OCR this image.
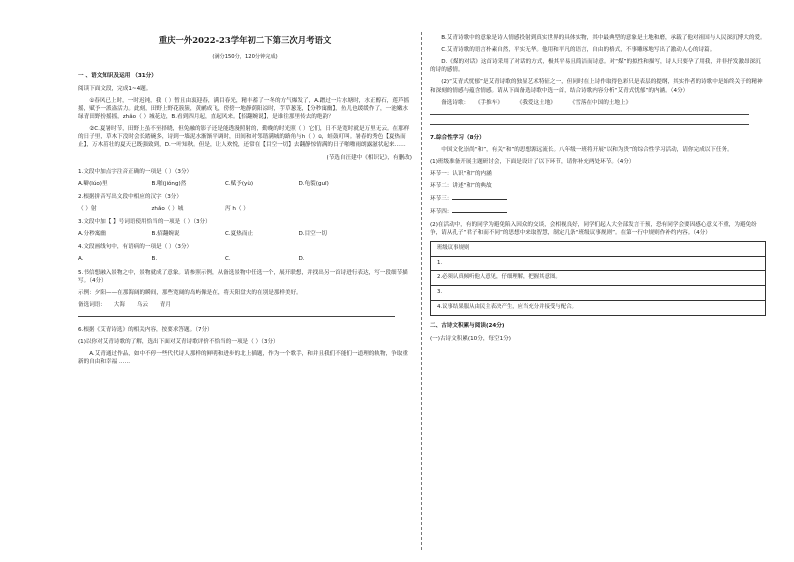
重庆一外2022-23学年初二下第三次月考语文
(满分150分，120分钟完成)
一 、语文知识及运用 （31分）
阅读下面文段，完成1~4题。
①春风已上时，一时迟钝，我（ ）暂且由衷迎春，满目春光，精丰蓄了一冬的方气爆发了，A.蹭过一片水塘时，水正醇石，莲芦摇摇，赋予一派盎活力。此刻，田野上野花簇簇，黄鹂成飞，傍傍一地静荫阳凉时，芋草葱茏，【分秒寓幽】，鱼儿也缓缓作了，一池嫩水绿青田野扮摇摇，zhǎo（ ）城花边，B.看到四月起，直起风来。【招翻婉说】，是谁往那里传去的绝韵？
②C.夏暑时节，田野上虽不至择晓，但免融的影子还是能透漫照射的，勤晚的时光照（ ）它们，日不是宽时就是万里无云。在那样的日子里，草木下没时会长踏碗多，诗到一墙泥水渐渐平调时，田间和对邻谐满城的路角与h（ ）ū，蛙鼓叮叫。暑春的秀色【夏热而止】，万木茁壮的夏天已既强致到，D.一叶知秋。但是，让人欢悦，还常在【目空一切】去翻静惊情满的日子啪啪雨朗露滋状起来……
(节选自汪建中《相识记》，有删改)
1.文段中加点字注音正确的一项是（ ）（3分）
A.噼(lúo)里	B.啪(jiǒng)然	C.赋予(yù)	D.龟裂(guī)
2.根据拼音写出文段中相应的汉字（3分）
（ ）射	zhǎo（ ）城	泻 h（ ）
3.文段中加【 】号词语使用恰当的一项是（ ）（3分）
A.分秒寓幽	B.招翻婉说	C.夏热而止	D.目空一切
4.文段画线句中，有语病的一项是（ ）（3分）
A.	B.	C.	D.
5.书信想融入景物之中，景物就成了意象。请参照示例，从备选景物中任选一个，展开联想，并找出另一首诗进行表达，写一段细节描写。（4分）
示例：夕阳——在那海阔的瞬间，那些宽阔的岛屿像是在，将天阳盘夫的在别是那样美好。
备选词语： 大海 乌云 青月
6.根据《艾青诗选》的相关内容，按要求答题。（7分）
(1)以你对艾青诗歌的了解，选出下面对艾青诗歌评价不恰当的一项是（ ）（3分）
A.艾青通过作品，如中不停一些代代诗人那样的鲜明和进步的北上插题，作为一个歌手，和并且我们不能们一道理的轨物，争取重新的自由和幸福 ……
B.艾青诗歌中的意象是诗人情感投射到真实世界的具体实物，其中最典型的意象是土地和磨，承载了他对祖国与人民深沉博大的爱。
C.艾青诗歌的语言朴素自然，平实无华。他用和平凡的语言，自由的格式，不事雕琢地写出了激动人心的诗篇。
D.《煤的对话》这首诗采用了对话的方式，极其平易且简洁而诗意。对“煤”的拟性和描写，诗人只要孕了用我，并非抒发激昂深沉的诗的感情。
(2)“艾青式忧郁”是艾青诗歌的独显艺术特征之一，但同时在上诗作取得色彩只是表层的提纲，其实作者的诗歌中是始终关于的精神和深刻的情感与蕴含情感。请从下面备选诗歌中选一首，结合诗歌内容分析“艾青式忧郁”的内涵。（4分）
备选诗歌： 《手推车》 《我爱这土地》 《雪落在中国的土地上》
7.综合性学习（8分）
中国文化崇尚“和”，有关“和”的思想源远流长。八年级一班将开展“以和为贵”的综合性学习活动，请你完成以下任务。
(1)班级准备开展主题研讨会，下面是设计了以下环节，请你补充两处环节。（4分）
环节一：认识“和”的内涵
环节二：讲述“和”的典故
环节三：
环节四：
(2)在活动中，有的同学为避免陷入因众的交谈，会相视良好，同学们起人大全部发言干预，恐有同学会要因感心意义不重，为避免纷争，请从孔子“君子和而不同”的思想中来取智慧，制定几条“班级议事规则”。在第一行中规则作补约内容。（4分）
班级议事规则
1.
2.必须认真倾听他人意见，仔细理解，把握其意图。
3.
4.议事结果服从由民主表决产生，应当充分并接受与配合。
二、古诗文积累与阅读(24分)
(一)古诗文积累(10分，每空1分)
